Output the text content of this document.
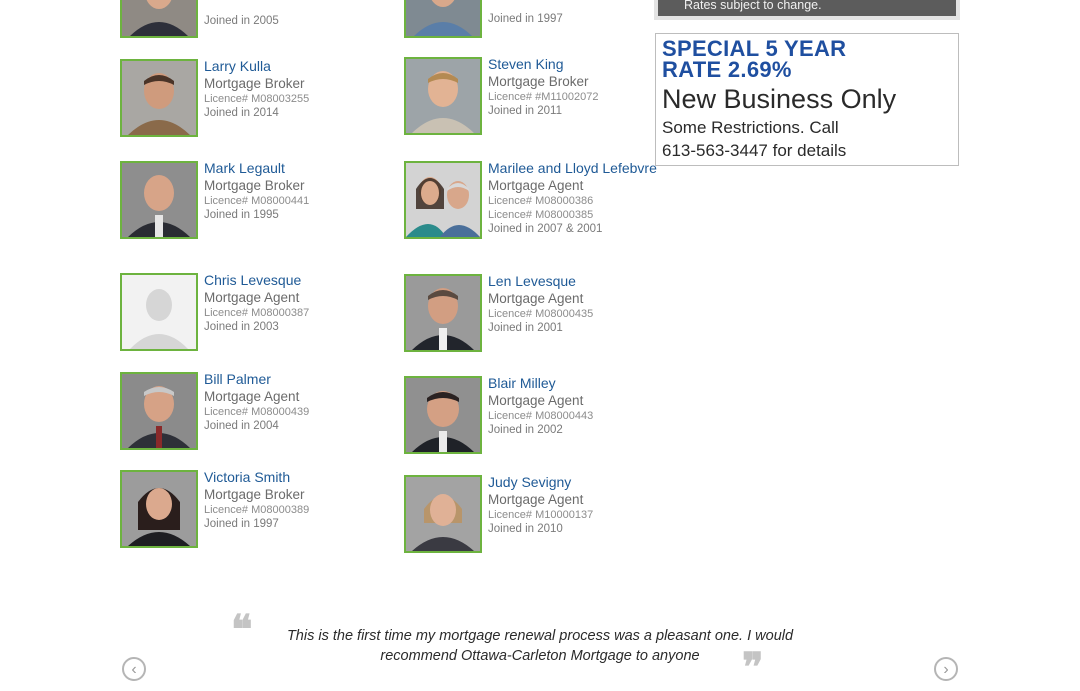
Joined in 2005	Joined in 1997
Larry Kulla
Mortgage Broker
Licence# M08003255
Joined in 2014
Steven King
Mortgage Broker
Licence# #M11002072
Joined in 2011
Mark Legault
Mortgage Broker
Licence# M08000441
Joined in 1995
Marilee and Lloyd Lefebvre
Mortgage Agent
Licence# M08000386
Licence# M08000385
Joined in 2007 & 2001
Chris Levesque
Mortgage Agent
Licence# M08000387
Joined in 2003
Len Levesque
Mortgage Agent
Licence# M08000435
Joined in 2001
Bill Palmer
Mortgage Agent
Licence# M08000439
Joined in 2004
Blair Milley
Mortgage Agent
Licence# M08000443
Joined in 2002
Victoria Smith
Mortgage Broker
Licence# M08000389
Joined in 1997
Judy Sevigny
Mortgage Agent
Licence# M10000137
Joined in 2010
Rates subject to change.
SPECIAL 5 YEAR
RATE 2.69%
New Business Only
Some Restrictions. Call
613-563-3447 for details
❝	This is the first time my mortgage renewal process was a pleasant one. I would recommend Ottawa-Carleton Mortgage to anyone	❞
‹	›
